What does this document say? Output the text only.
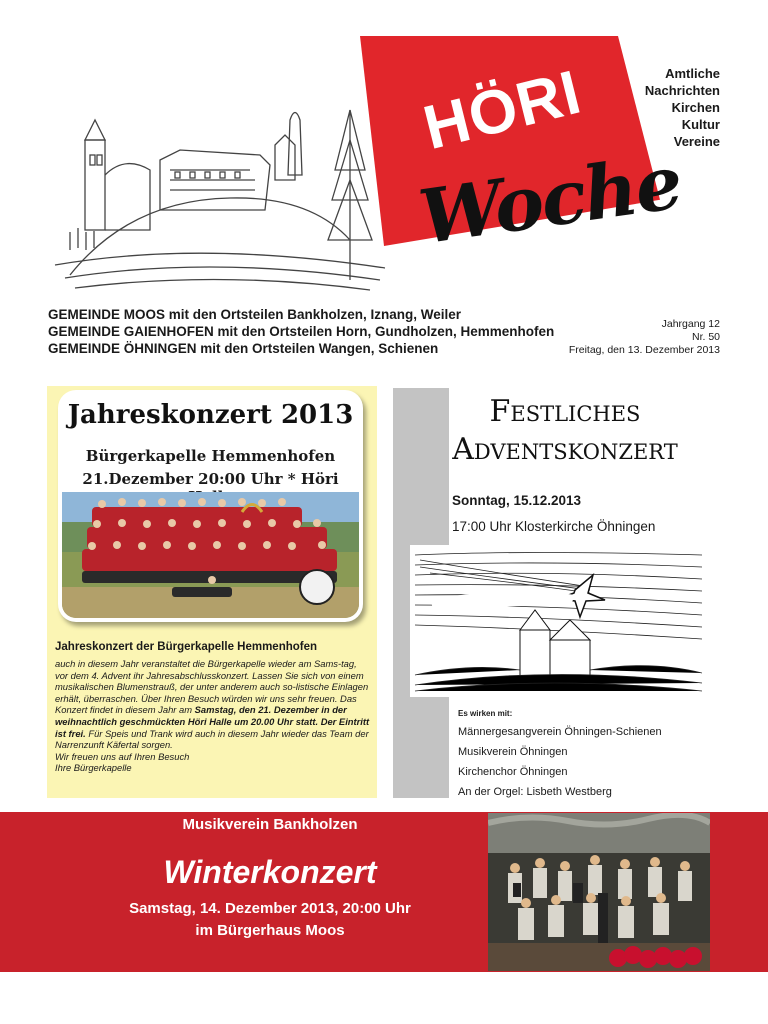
HÖRI
Woche
Amtliche
Nachrichten
Kirchen
Kultur
Vereine
GEMEINDE MOOS mit den Ortsteilen Bankholzen, Iznang, Weiler
GEMEINDE GAIENHOFEN mit den Ortsteilen Horn, Gundholzen, Hemmenhofen
GEMEINDE ÖHNINGEN mit den Ortsteilen Wangen, Schienen
Jahrgang 12
Nr. 50
Freitag, den 13. Dezember 2013
Jahreskonzert 2013
Bürgerkapelle Hemmenhofen
21.Dezember 20:00 Uhr * Höri
Jahreskonzert der Bürgerkapelle Hemmenhofen
auch in diesem Jahr veranstaltet die Bürgerkapelle wieder am Sams-tag, vor dem 4. Advent ihr Jahresabschlusskonzert. Lassen Sie sich von einem musikalischen Blumenstrauß, der unter anderem auch so-listische Einlagen erhält, überraschen. Über Ihren Besuch würden wir uns sehr freuen. Das Konzert findet in diesem Jahr am Samstag, den 21. Dezember in der weihnachtlich geschmückten Höri Halle um 20.00 Uhr statt. Der Eintritt ist frei. Für Speis und Trank wird auch in diesem Jahr wieder das Team der Narrenzunft Käfertal sorgen.
Wir freuen uns auf Ihren Besuch
Ihre Bürgerkapelle
Festliches
Adventskonzert
Sonntag, 15.12.2013
17:00 Uhr Klosterkirche Öhningen
Es wirken mit:
Männergesangverein Öhningen-Schienen
Musikverein Öhningen
Kirchenchor Öhningen
An der Orgel: Lisbeth Westberg
Musikverein Bankholzen
Winterkonzert
Samstag, 14. Dezember 2013, 20:00 Uhr
im Bürgerhaus Moos
